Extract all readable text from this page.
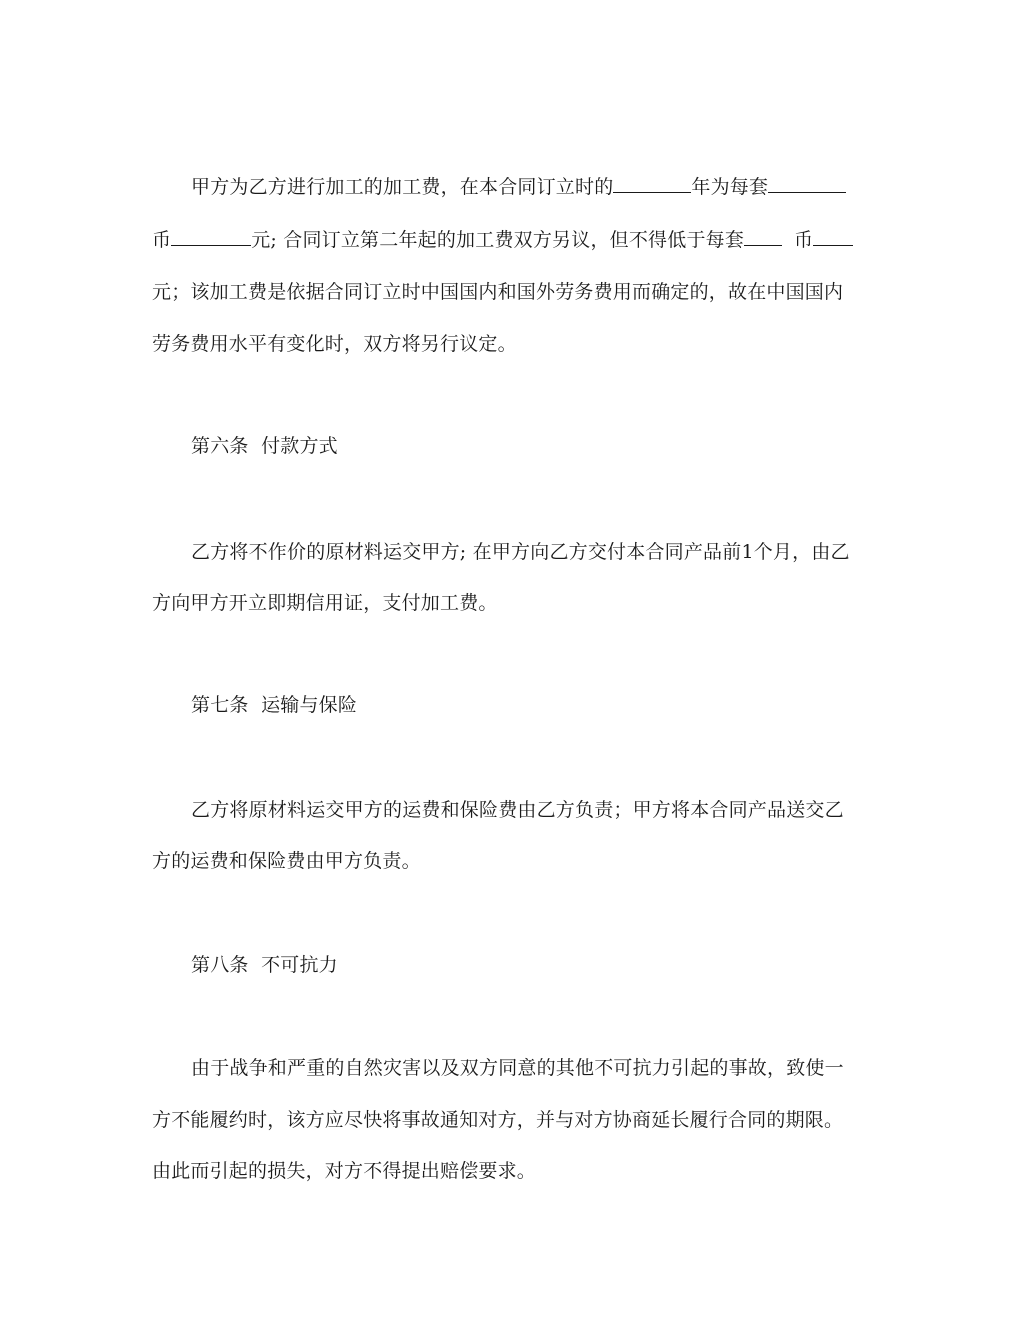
甲方为乙方进行加工的加工费，在本合同订立时的	年为每套
币	元; 合同订立第二年起的加工费双方另议，但不得低于每套	币
元；该加工费是依据合同订立时中国国内和国外劳务费用而确定的，故在中国国内
劳务费用水平有变化时，双方将另行议定。
第六条  付款方式
乙方将不作价的原材料运交甲方; 在甲方向乙方交付本合同产品前1个月，由乙
方向甲方开立即期信用证，支付加工费。
第七条  运输与保险
乙方将原材料运交甲方的运费和保险费由乙方负责；甲方将本合同产品送交乙
方的运费和保险费由甲方负责。
第八条  不可抗力
由于战争和严重的自然灾害以及双方同意的其他不可抗力引起的事故，致使一
方不能履约时，该方应尽快将事故通知对方，并与对方协商延长履行合同的期限。
由此而引起的损失，对方不得提出赔偿要求。
